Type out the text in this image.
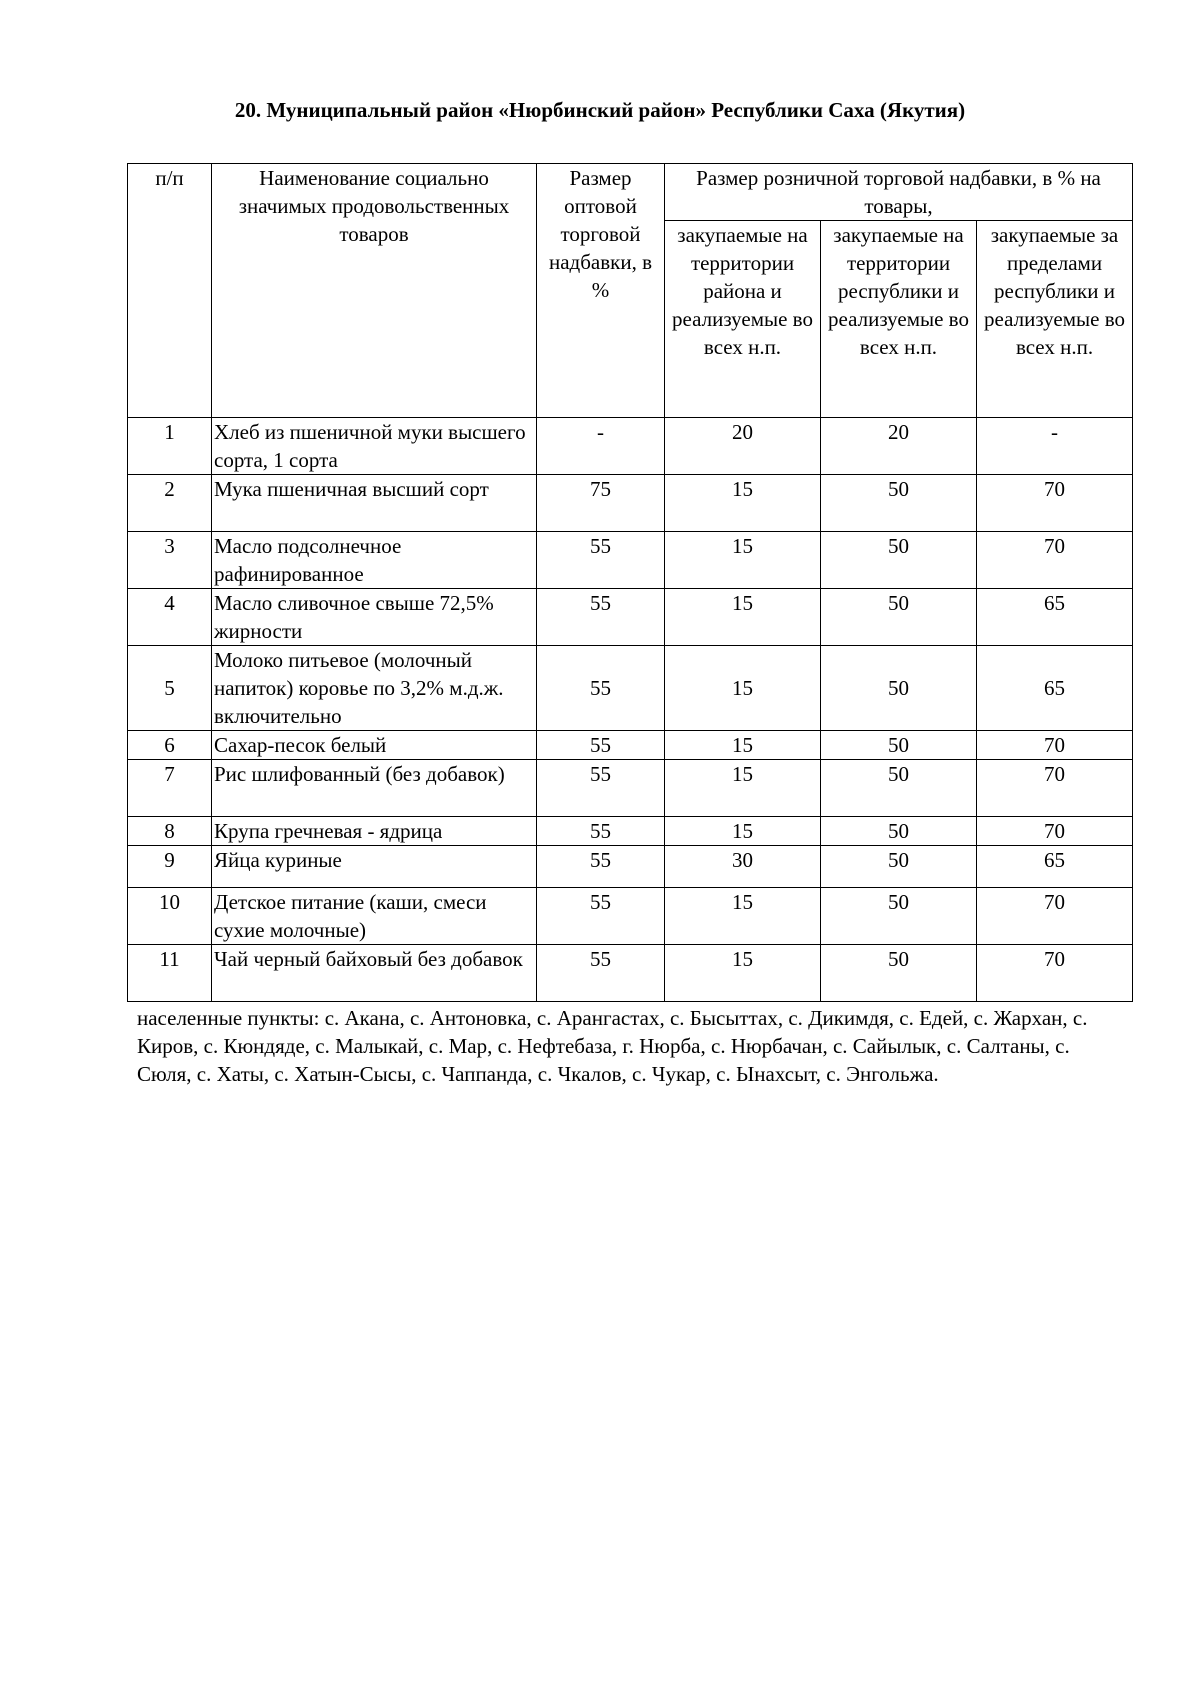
20. Муниципальный район «Нюрбинский район» Республики Саха (Якутия)
п/п	Наименование социально значимых продовольственных товаров	Размер оптовой торговой надбавки, в %	Размер розничной торговой надбавки, в % на товары,		
			закупаемые на территории района и реализуемые во всех н.п.	закупаемые на территории республики и реализуемые во всех н.п.	закупаемые за пределами республики и реализуемые во всех н.п.
1	Хлеб из пшеничной муки высшего сорта, 1 сорта	-	20	20	-
2	Мука пшеничная высший сорт	75	15	50	70
3	Масло подсолнечное рафинированное	55	15	50	70
4	Масло сливочное свыше 72,5% жирности	55	15	50	65
5	Молоко питьевое (молочный напиток) коровье по 3,2% м.д.ж. включительно	55	15	50	65
6	Сахар-песок белый	55	15	50	70
7	Рис шлифованный (без добавок)	55	15	50	70
8	Крупа гречневая - ядрица	55	15	50	70
9	Яйца куриные	55	30	50	65
10	Детское питание (каши, смеси сухие молочные)	55	15	50	70
11	Чай черный байховый без добавок	55	15	50	70

населенные пункты: с. Акана, с. Антоновка, с. Арангастах, с. Бысыттах, с. Дикимдя, с. Едей, с. Жархан, с. Киров, с. Кюндяде, с. Малыкай, с. Мар, с. Нефтебаза, г. Нюрба, с. Нюрбачан, с. Сайылык, с. Салтаны, с. Сюля, с. Хаты, с. Хатын-Сысы, с. Чаппанда, с. Чкалов, с. Чукар, с. Ынахсыт, с. Энгольжа.
